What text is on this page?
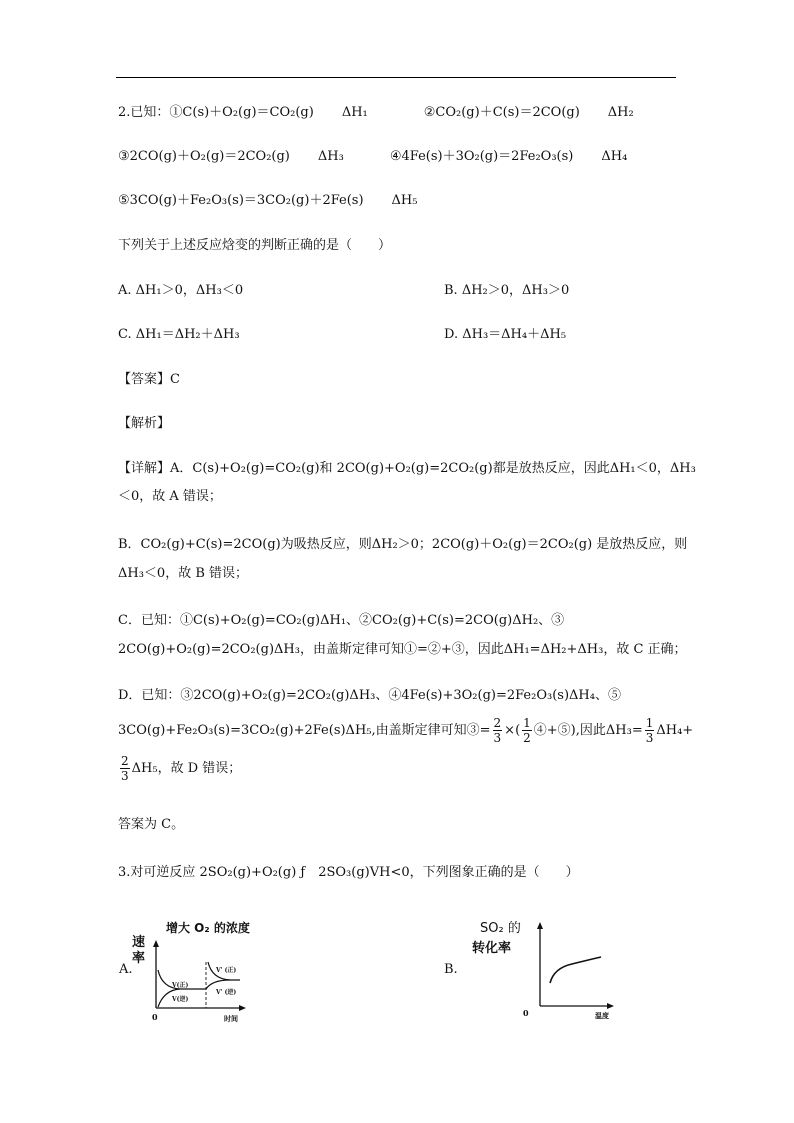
2.已知：①C(s)＋O₂(g)＝CO₂(g) ΔH₁	②CO₂(g)＋C(s)＝2CO(g) ΔH₂
③2CO(g)＋O₂(g)＝2CO₂(g) ΔH₃	④4Fe(s)＋3O₂(g)＝2Fe₂O₃(s) ΔH₄
⑤3CO(g)＋Fe₂O₃(s)＝3CO₂(g)＋2Fe(s) ΔH₅
下列关于上述反应焓变的判断正确的是（　　）
A. ΔH₁＞0，ΔH₃＜0	B. ΔH₂＞0，ΔH₃＞0
C. ΔH₁＝ΔH₂＋ΔH₃	D. ΔH₃＝ΔH₄＋ΔH₅
【答案】C
【解析】
【详解】A．C(s)+O₂(g)=CO₂(g)和 2CO(g)+O₂(g)=2CO₂(g)都是放热反应，因此ΔH₁＜0，ΔH₃
＜0，故 A 错误；
B．CO₂(g)+C(s)=2CO(g)为吸热反应，则ΔH₂＞0；2CO(g)＋O₂(g)＝2CO₂(g) 是放热反应，则
ΔH₃＜0，故 B 错误；
C．已知：①C(s)+O₂(g)=CO₂(g)ΔH₁、②CO₂(g)+C(s)=2CO(g)ΔH₂、③
2CO(g)+O₂(g)=2CO₂(g)ΔH₃，由盖斯定律可知①=②+③，因此ΔH₁=ΔH₂+ΔH₃，故 C 正确；
D．已知：③2CO(g)+O₂(g)=2CO₂(g)ΔH₃、④4Fe(s)+3O₂(g)=2Fe₂O₃(s)ΔH₄、⑤
3CO(g)+Fe₂O₃(s)=3CO₂(g)+2Fe(s)ΔH₅,由盖斯定律可知③= $\frac{2}{3}$ ×( $\frac{1}{2}$ ④+⑤),因此$\Delta H_3= \frac{1}{3} \Delta H_4+$
$\frac{2}{3} \Delta H_5$，故 D 错误；
答案为 C。
3.对可逆反应 2SO₂(g)+O₂(g) ƒ　2SO₃(g)VH<0，下列图象正确的是（　　）
A.
增大 O₂ 的浓度
速
率
0	时间
V(正)
V(逆)
V' (正)
V' (逆)
B.
SO₂ 的
转化率
0	温度
